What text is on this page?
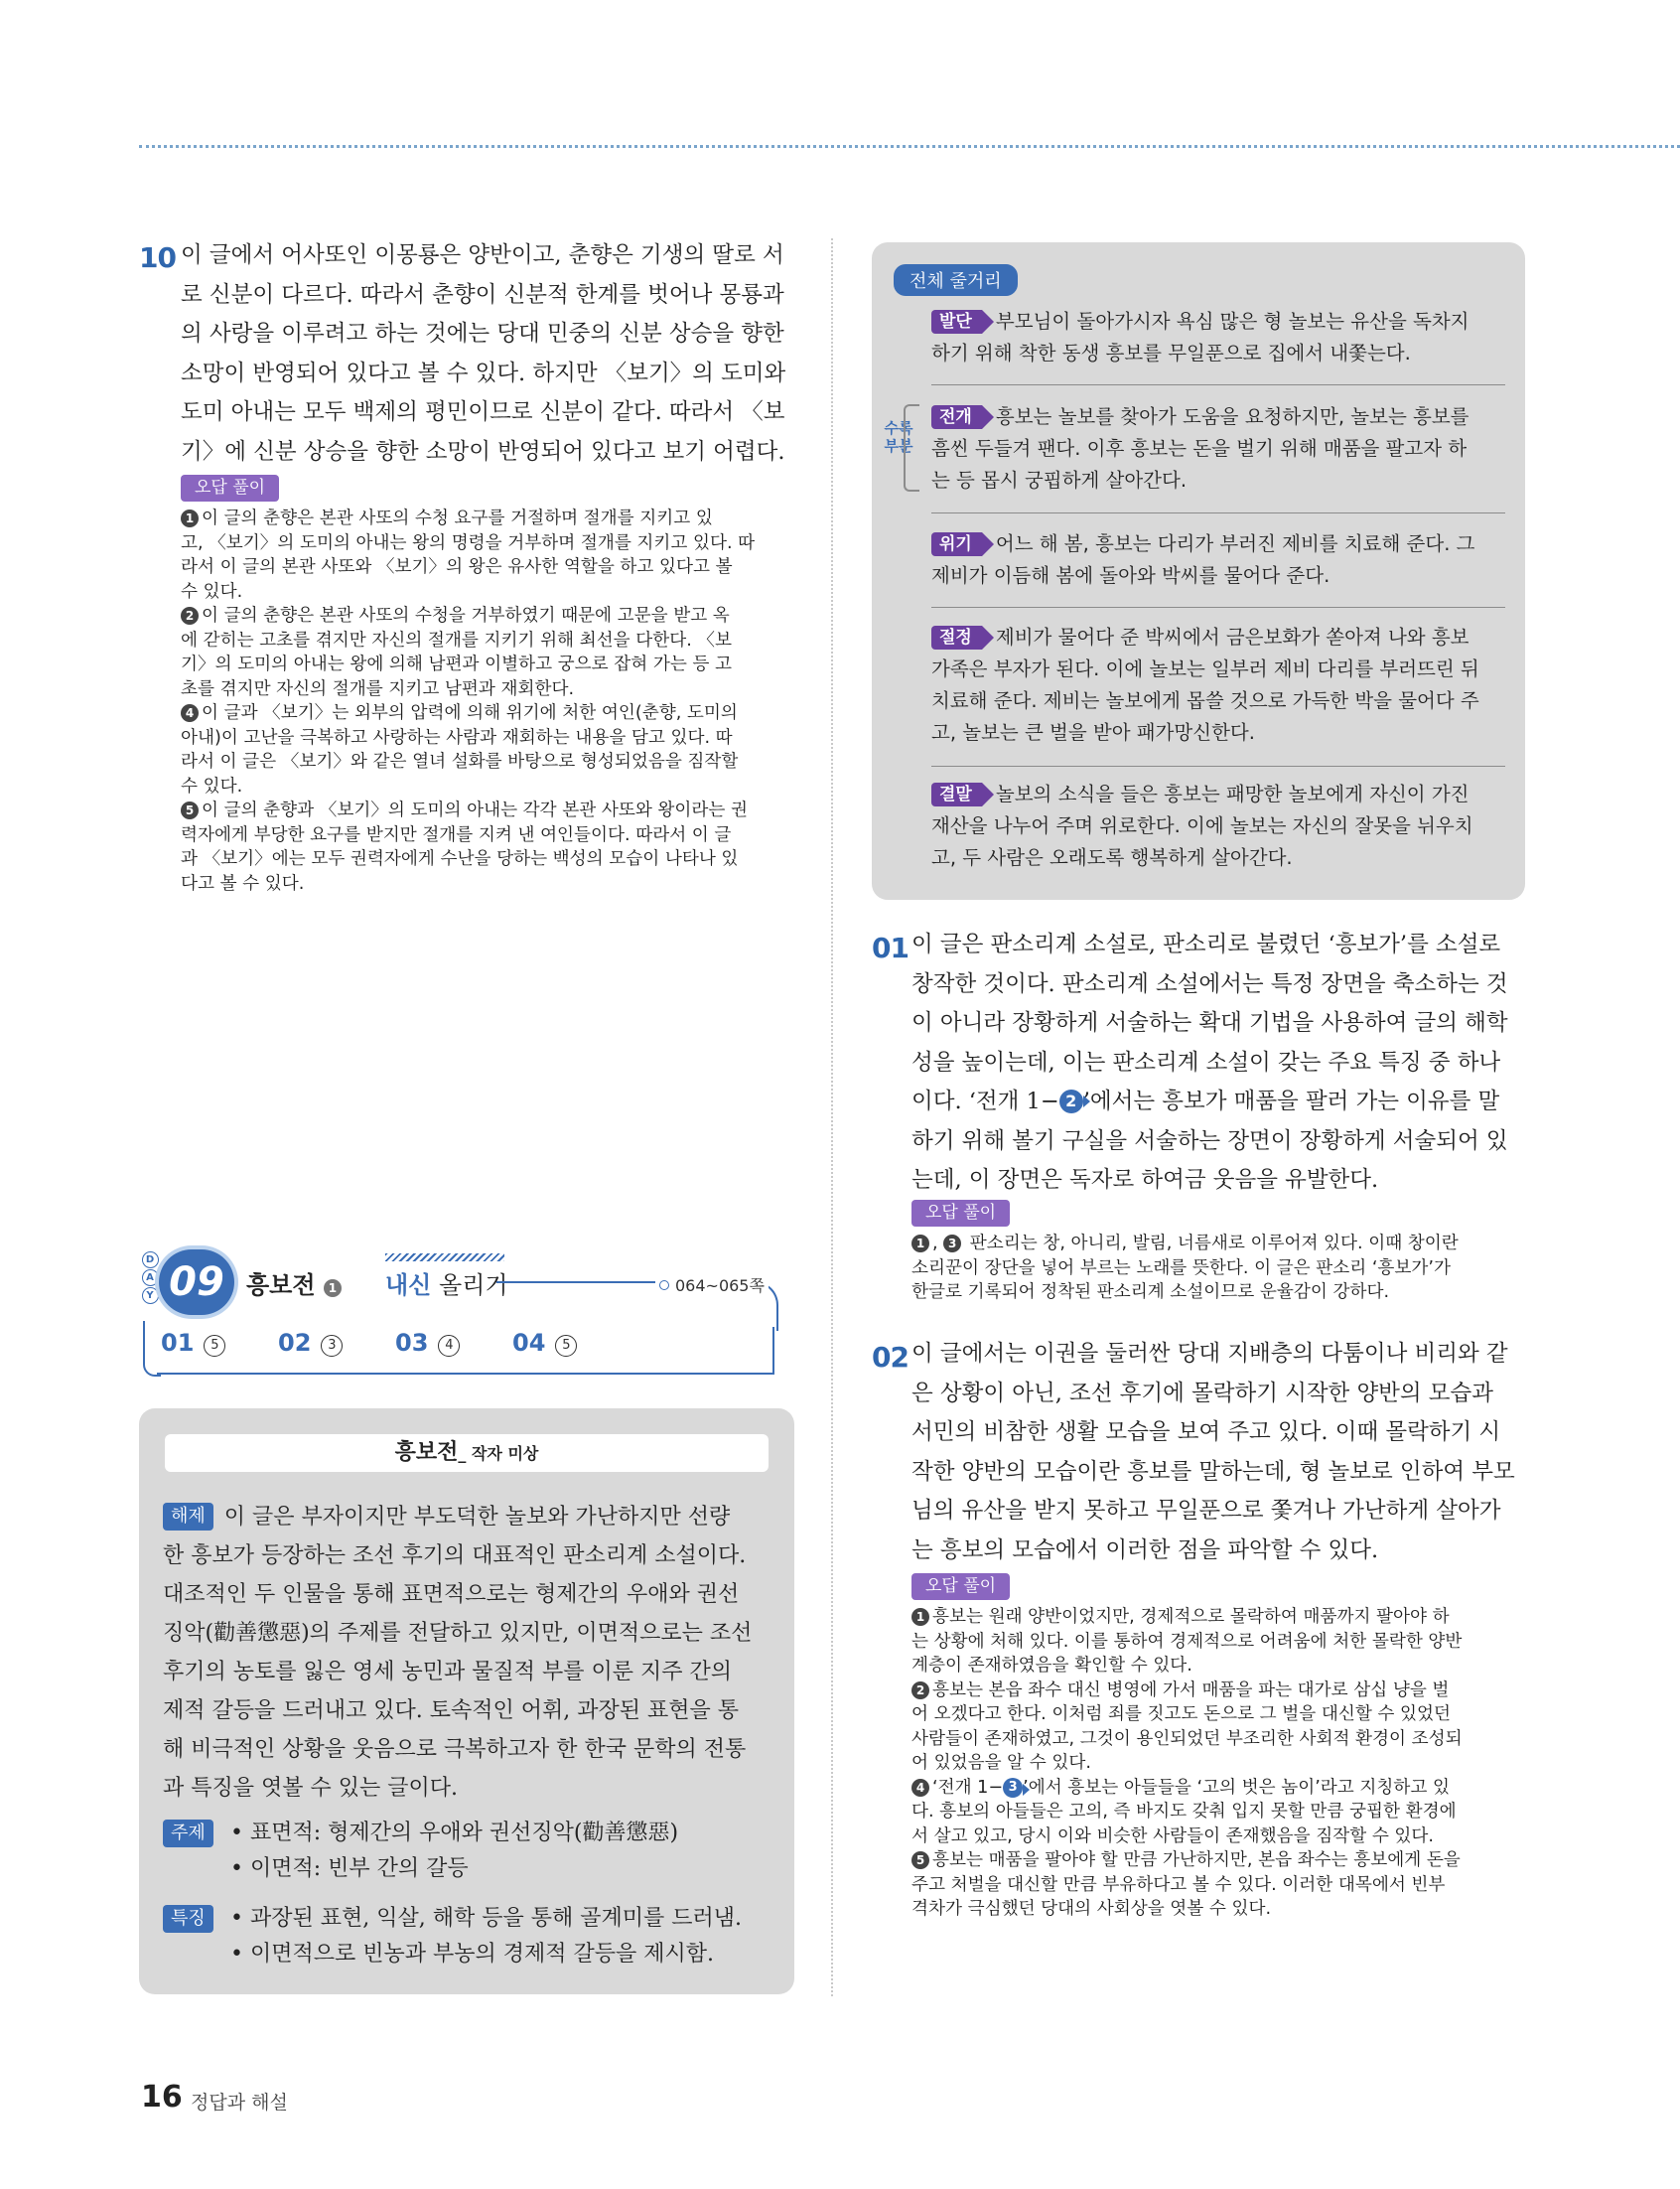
10 이 글에서 어사또인 이몽룡은 양반이고, 춘향은 기생의 딸로 서
로 신분이 다르다. 따라서 춘향이 신분적 한계를 벗어나 몽룡과
의 사랑을 이루려고 하는 것에는 당대 민중의 신분 상승을 향한
소망이 반영되어 있다고 볼 수 있다. 하지만 〈보기〉의 도미와
도미 아내는 모두 백제의 평민이므로 신분이 같다. 따라서 〈보
기〉에 신분 상승을 향한 소망이 반영되어 있다고 보기 어렵다.
오답 풀이

1 이 글의 춘향은 본관 사또의 수청 요구를 거절하며 절개를 지키고 있

고, 〈보기〉의 도미의 아내는 왕의 명령을 거부하며 절개를 지키고 있다. 따

라서 이 글의 본관 사또와 〈보기〉의 왕은 유사한 역할을 하고 있다고 볼

수 있다.

2 이 글의 춘향은 본관 사또의 수청을 거부하였기 때문에 고문을 받고 옥

에 갇히는 고초를 겪지만 자신의 절개를 지키기 위해 최선을 다한다. 〈보

기〉의 도미의 아내는 왕에 의해 남편과 이별하고 궁으로 잡혀 가는 등 고

초를 겪지만 자신의 절개를 지키고 남편과 재회한다.

4 이 글과 〈보기〉는 외부의 압력에 의해 위기에 처한 여인(춘향, 도미의

아내)이 고난을 극복하고 사랑하는 사람과 재회하는 내용을 담고 있다. 따

라서 이 글은 〈보기〉와 같은 열녀 설화를 바탕으로 형성되었음을 짐작할

수 있다.

5 이 글의 춘향과 〈보기〉의 도미의 아내는 각각 본관 사또와 왕이라는 권

력자에게 부당한 요구를 받지만 절개를 지켜 낸 여인들이다. 따라서 이 글

과 〈보기〉에는 모두 권력자에게 수난을 당하는 백성의 모습이 나타나 있

다고 볼 수 있다.

D
A
Y 09 흥보전 1	내신 올리기	064~065쪽
01 5 02 3 03 4 04 5
흥보전_ 작자 미상
해제 이 글은 부자이지만 부도덕한 놀보와 가난하지만 선량
한 흥보가 등장하는 조선 후기의 대표적인 판소리계 소설이다.
대조적인 두 인물을 통해 표면적으로는 형제간의 우애와 권선
징악(勸善懲惡)의 주제를 전달하고 있지만, 이면적으로는 조선
후기의 농토를 잃은 영세 농민과 물질적 부를 이룬 지주 간의
제적 갈등을 드러내고 있다. 토속적인 어휘, 과장된 표현을 통
해 비극적인 상황을 웃음으로 극복하고자 한 한국 문학의 전통
과 특징을 엿볼 수 있는 글이다.
주제	• 표면적: 형제간의 우애와 권선징악(勸善懲惡)
• 이면적: 빈부 간의 갈등
특징	• 과장된 표현, 익살, 해학 등을 통해 골계미를 드러냄.
• 이면적으로 빈농과 부농의 경제적 갈등을 제시함.
전체 줄거리
수록
부분
발단 부모님이 돌아가시자 욕심 많은 형 놀보는 유산을 독차지
하기 위해 착한 동생 흥보를 무일푼으로 집에서 내쫓는다.
전개 흥보는 놀보를 찾아가 도움을 요청하지만, 놀보는 흥보를
흠씬 두들겨 팬다. 이후 흥보는 돈을 벌기 위해 매품을 팔고자 하
는 등 몹시 궁핍하게 살아간다.
위기 어느 해 봄, 흥보는 다리가 부러진 제비를 치료해 준다. 그
제비가 이듬해 봄에 돌아와 박씨를 물어다 준다.
절정 제비가 물어다 준 박씨에서 금은보화가 쏟아져 나와 흥보
가족은 부자가 된다. 이에 놀보는 일부러 제비 다리를 부러뜨린 뒤
치료해 준다. 제비는 놀보에게 몹쓸 것으로 가득한 박을 물어다 주
고, 놀보는 큰 벌을 받아 패가망신한다.
결말 놀보의 소식을 들은 흥보는 패망한 놀보에게 자신이 가진
재산을 나누어 주며 위로한다. 이에 놀보는 자신의 잘못을 뉘우치
고, 두 사람은 오래도록 행복하게 살아간다.
01 이 글은 판소리계 소설로, 판소리로 불렸던 ‘흥보가’를 소설로
창작한 것이다. 판소리계 소설에서는 특정 장면을 축소하는 것
이 아니라 장황하게 서술하는 확대 기법을 사용하여 글의 해학
성을 높이는데, 이는 판소리계 소설이 갖는 주요 특징 중 하나
이다. ‘전개 1− 2 ’에서는 흥보가 매품을 팔러 가는 이유를 말
하기 위해 볼기 구실을 서술하는 장면이 장황하게 서술되어 있
는데, 이 장면은 독자로 하여금 웃음을 유발한다.
오답 풀이

1 , 3 판소리는 창, 아니리, 발림, 너름새로 이루어져 있다. 이때 창이란

소리꾼이 장단을 넣어 부르는 노래를 뜻한다. 이 글은 판소리 ‘흥보가’가

한글로 기록되어 정착된 판소리계 소설이므로 운율감이 강하다.

02 이 글에서는 이권을 둘러싼 당대 지배층의 다툼이나 비리와 같
은 상황이 아닌, 조선 후기에 몰락하기 시작한 양반의 모습과
서민의 비참한 생활 모습을 보여 주고 있다. 이때 몰락하기 시
작한 양반의 모습이란 흥보를 말하는데, 형 놀보로 인하여 부모
님의 유산을 받지 못하고 무일푼으로 쫓겨나 가난하게 살아가
는 흥보의 모습에서 이러한 점을 파악할 수 있다.
오답 풀이

1 흥보는 원래 양반이었지만, 경제적으로 몰락하여 매품까지 팔아야 하

는 상황에 처해 있다. 이를 통하여 경제적으로 어려움에 처한 몰락한 양반

계층이 존재하였음을 확인할 수 있다.

2 흥보는 본읍 좌수 대신 병영에 가서 매품을 파는 대가로 삼십 냥을 벌

어 오겠다고 한다. 이처럼 죄를 짓고도 돈으로 그 벌을 대신할 수 있었던

사람들이 존재하였고, 그것이 용인되었던 부조리한 사회적 환경이 조성되

어 있었음을 알 수 있다.

4 ‘전개 1− 3 ’에서 흥보는 아들들을 ‘고의 벗은 놈이’라고 지칭하고 있

다. 흥보의 아들들은 고의, 즉 바지도 갖춰 입지 못할 만큼 궁핍한 환경에

서 살고 있고, 당시 이와 비슷한 사람들이 존재했음을 짐작할 수 있다.

5 흥보는 매품을 팔아야 할 만큼 가난하지만, 본읍 좌수는 흥보에게 돈을

주고 처벌을 대신할 만큼 부유하다고 볼 수 있다. 이러한 대목에서 빈부

격차가 극심했던 당대의 사회상을 엿볼 수 있다.

16 정답과 해설
